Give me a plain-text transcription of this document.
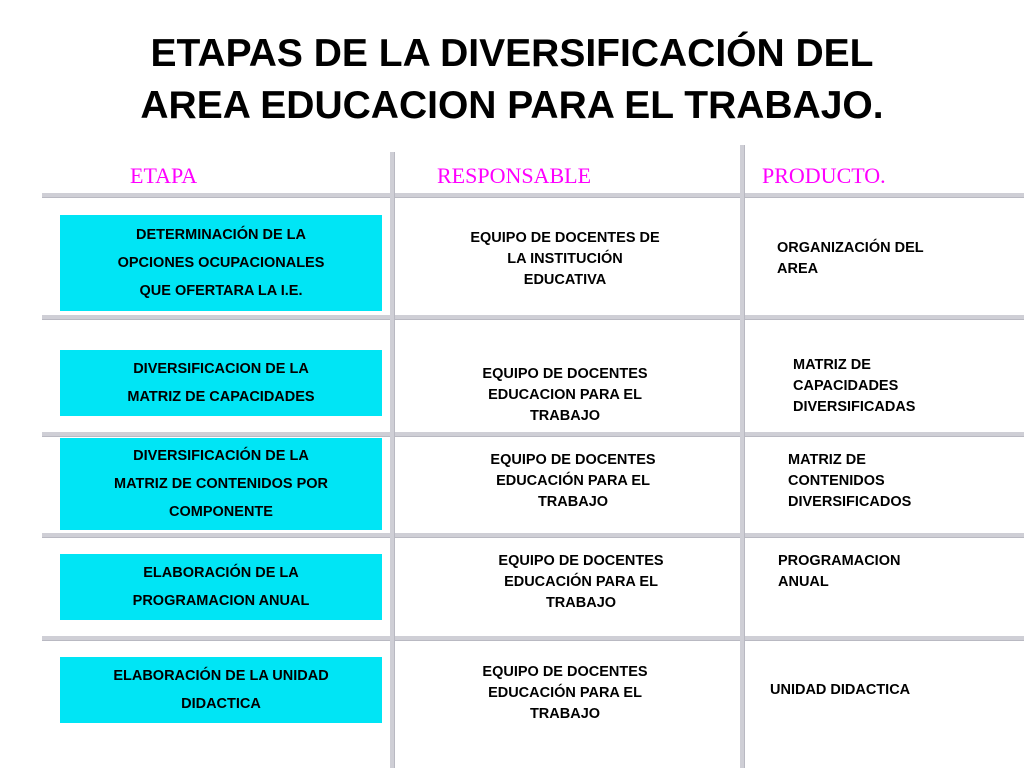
ETAPAS DE LA DIVERSIFICACIÓN DEL
AREA EDUCACION PARA EL TRABAJO.
ETAPA	RESPONSABLE	PRODUCTO.
DETERMINACIÓN DE LA
OPCIONES OCUPACIONALES
QUE OFERTARA LA I.E.
EQUIPO DE DOCENTES DE
LA INSTITUCIÓN
EDUCATIVA
ORGANIZACIÓN DEL
AREA
DIVERSIFICACION DE LA
MATRIZ DE CAPACIDADES
EQUIPO DE DOCENTES
EDUCACION PARA EL
TRABAJO
MATRIZ DE
CAPACIDADES
DIVERSIFICADAS
DIVERSIFICACIÓN DE LA
MATRIZ DE CONTENIDOS POR
COMPONENTE
EQUIPO DE DOCENTES
EDUCACIÓN PARA EL
TRABAJO
MATRIZ DE
CONTENIDOS
DIVERSIFICADOS
ELABORACIÓN DE LA
PROGRAMACION ANUAL
EQUIPO DE DOCENTES
EDUCACIÓN PARA EL
TRABAJO
PROGRAMACION
ANUAL
ELABORACIÓN DE LA UNIDAD
DIDACTICA
EQUIPO DE DOCENTES
EDUCACIÓN PARA EL
TRABAJO
UNIDAD DIDACTICA
